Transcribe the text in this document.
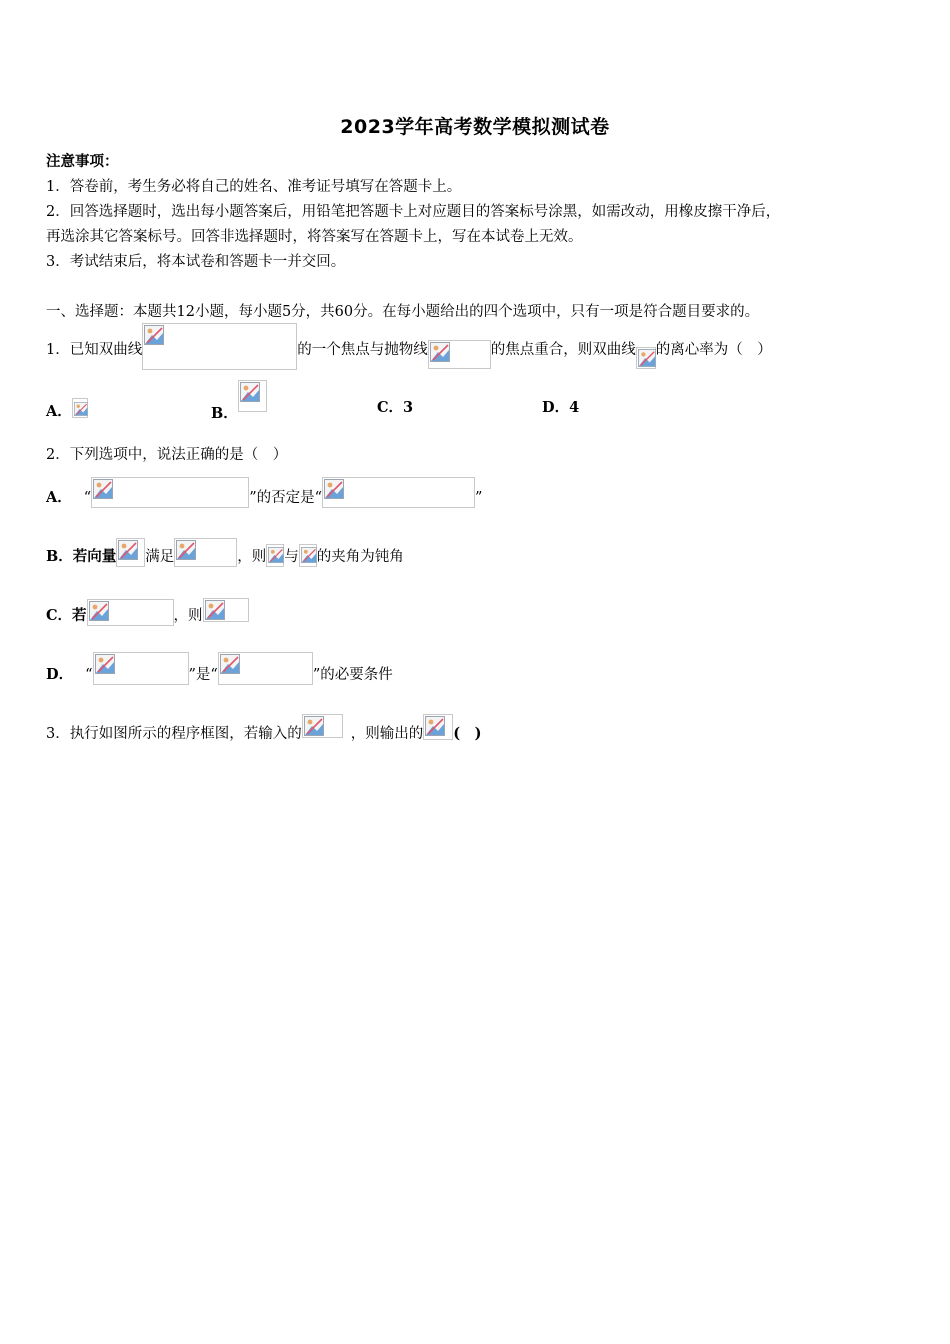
2023学年高考数学模拟测试卷
注意事项：
1．答卷前，考生务必将自己的姓名、准考证号填写在答题卡上。
2．回答选择题时，选出每小题答案后，用铅笔把答题卡上对应题目的答案标号涂黑，如需改动，用橡皮擦干净后，
再选涂其它答案标号。回答非选择题时，将答案写在答题卡上，写在本试卷上无效。
3．考试结束后，将本试卷和答题卡一并交回。
一、选择题：本题共12小题，每小题5分，共60分。在每小题给出的四个选项中，只有一项是符合题目要求的。
1．已知双曲线	的一个焦点与抛物线	的焦点重合，则双曲线 的离心率为（　）
A．	B．	C．3	D．4
2．下列选项中，说法正确的是（　）
A． “	”的否定是“	”
B．若向量 满足	，则 与 的夹角为钝角
C．若	，则
D． “	”是“	”的必要条件
3．执行如图所示的程序框图，若输入的	，则输出的 (　)
